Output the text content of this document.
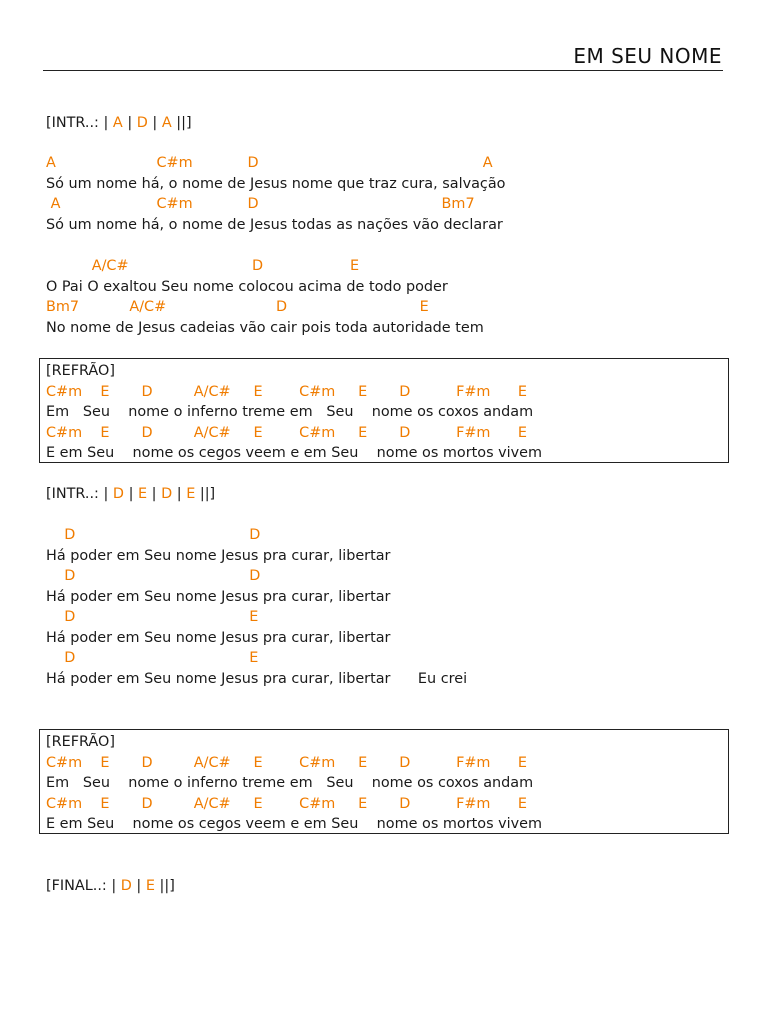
EM SEU NOME
[INTR..: | A | D | A ||]
A                      C#m            D                                                 A
Só um nome há, o nome de Jesus nome que traz cura, salvação
A                     C#m            D                                        Bm7
Só um nome há, o nome de Jesus todas as nações vão declarar
A/C#                           D                   E
O Pai O exaltou Seu nome colocou acima de todo poder
Bm7           A/C#                        D                             E
No nome de Jesus cadeias vão cair pois toda autoridade tem
[REFRÃO]
C#m    E       D         A/C#     E        C#m     E       D          F#m      E
Em   Seu    nome o inferno treme em   Seu    nome os coxos andam
C#m    E       D         A/C#     E        C#m     E       D          F#m      E
E em Seu    nome os cegos veem e em Seu    nome os mortos vivem
[INTR..: | D | E | D | E ||]
D                                      D
Há poder em Seu nome Jesus pra curar, libertar
D                                      D
Há poder em Seu nome Jesus pra curar, libertar
D                                      E
Há poder em Seu nome Jesus pra curar, libertar
D                                      E
Há poder em Seu nome Jesus pra curar, libertar      Eu crei
[REFRÃO]
C#m    E       D         A/C#     E        C#m     E       D          F#m      E
Em   Seu    nome o inferno treme em   Seu    nome os coxos andam
C#m    E       D         A/C#     E        C#m     E       D          F#m      E
E em Seu    nome os cegos veem e em Seu    nome os mortos vivem
[FINAL..: | D | E ||]
